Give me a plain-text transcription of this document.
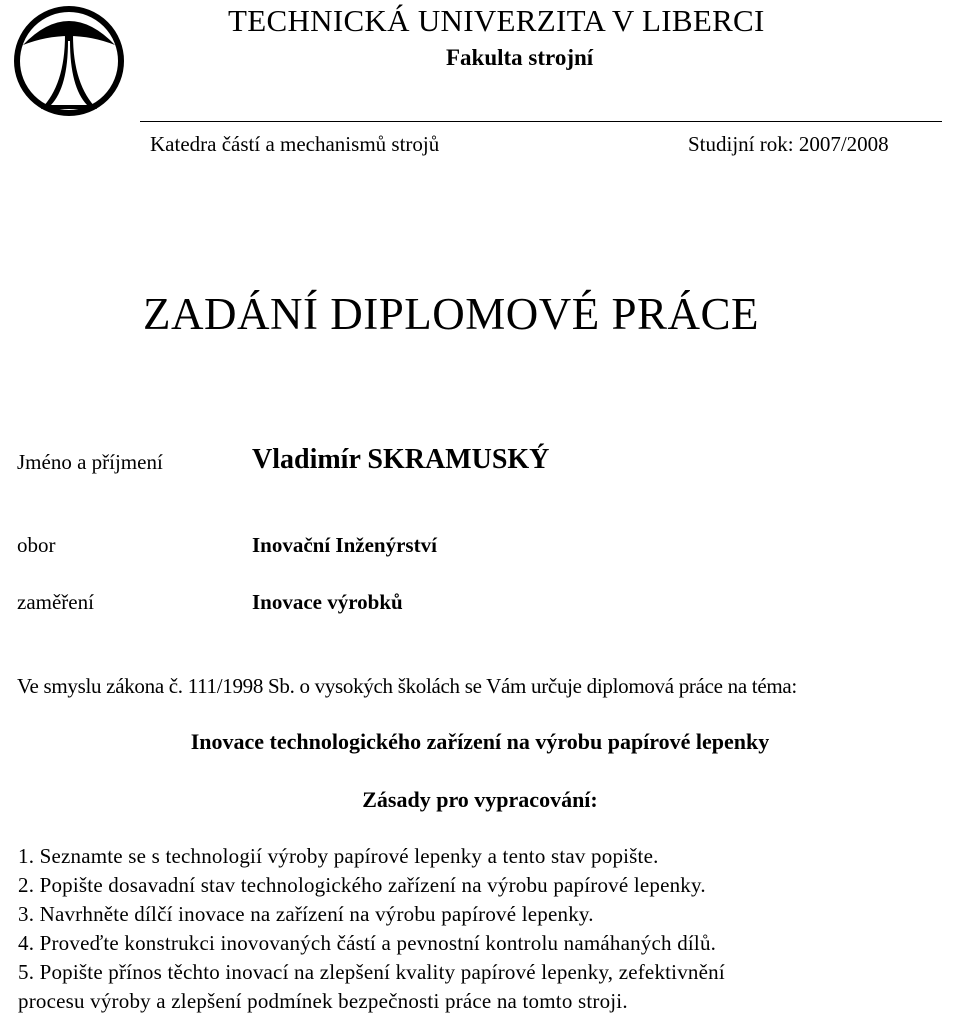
TECHNICKÁ UNIVERZITA V LIBERCI
Fakulta strojní
Katedra částí a mechanismů strojů	Studijní rok: 2007/2008
ZADÁNÍ DIPLOMOVÉ PRÁCE
Jméno a příjmení	Vladimír SKRAMUSKÝ
obor	Inovační Inženýrství
zaměření	Inovace výrobků
Ve smyslu zákona č. 111/1998 Sb. o vysokých školách se Vám určuje diplomová práce na téma:
Inovace technologického zařízení na výrobu papírové lepenky
Zásady pro vypracování:
1. Seznamte se s technologií výroby papírové lepenky a tento stav popište.
2. Popište dosavadní stav technologického zařízení na výrobu papírové lepenky.
3. Navrhněte dílčí inovace na zařízení na výrobu papírové lepenky.
4. Proveďte konstrukci inovovaných částí a pevnostní kontrolu namáhaných dílů.
5. Popište přínos těchto inovací na zlepšení kvality papírové lepenky, zefektivnění
procesu výroby a zlepšení podmínek bezpečnosti práce na tomto stroji.
